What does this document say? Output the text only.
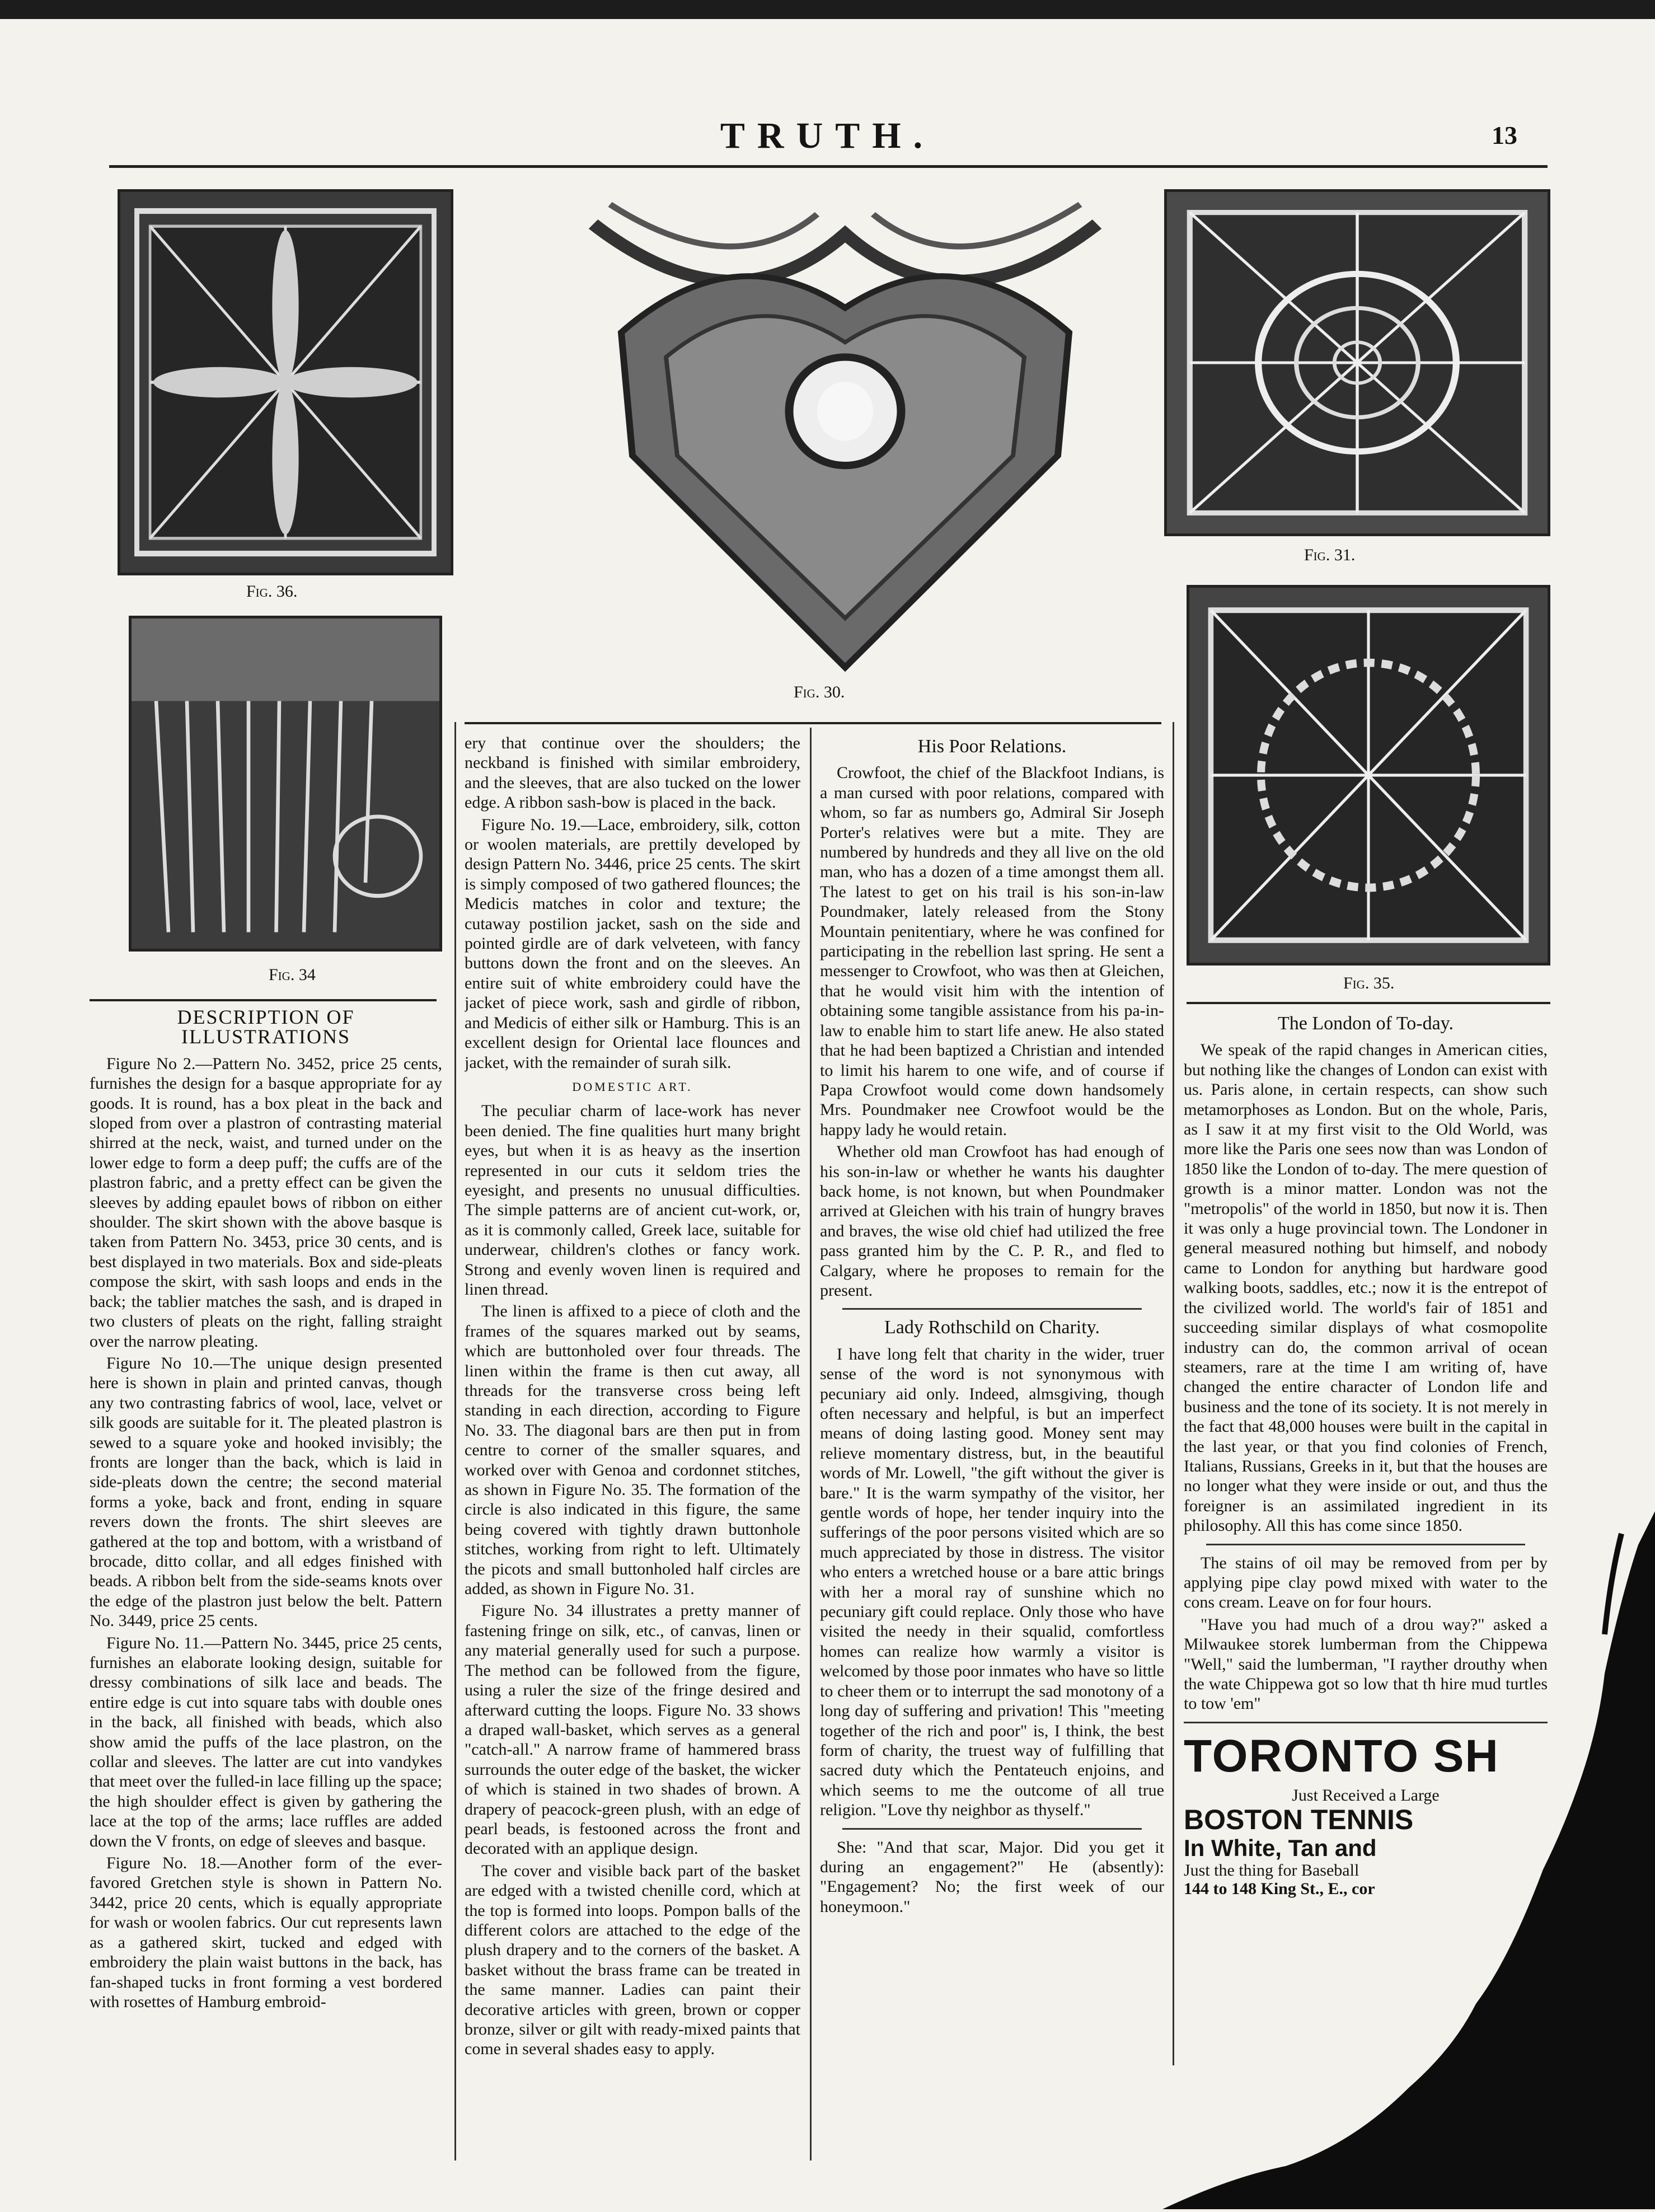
TRUTH.	13
Fig. 36.
Fig. 30.
Fig. 31.
Fig. 34	Fig. 35.
DESCRIPTION OF ILLUSTRATIONS

Figure No 2.—Pattern No. 3452, price 25 cents, furnishes the design for a basque appropriate for ay goods. It is round, has a box pleat in the back and sloped from over a plastron of contrasting material shirred at the neck, waist, and turned under on the lower edge to form a deep puff; the cuffs are of the plastron fabric, and a pretty effect can be given the sleeves by adding epaulet bows of ribbon on either shoulder. The skirt shown with the above basque is taken from Pattern No. 3453, price 30 cents, and is best displayed in two materials. Box and side-pleats compose the skirt, with sash loops and ends in the back; the tablier matches the sash, and is draped in two clusters of pleats on the right, falling straight over the narrow pleating.

Figure No 10.—The unique design presented here is shown in plain and printed canvas, though any two contrasting fabrics of wool, lace, velvet or silk goods are suitable for it. The pleated plastron is sewed to a square yoke and hooked invisibly; the fronts are longer than the back, which is laid in side-pleats down the centre; the second material forms a yoke, back and front, ending in square revers down the fronts. The shirt sleeves are gathered at the top and bottom, with a wristband of brocade, ditto collar, and all edges finished with beads. A ribbon belt from the side-seams knots over the edge of the plastron just below the belt. Pattern No. 3449, price 25 cents.

Figure No. 11.—Pattern No. 3445, price 25 cents, furnishes an elaborate looking design, suitable for dressy combinations of silk lace and beads. The entire edge is cut into square tabs with double ones in the back, all finished with beads, which also show amid the puffs of the lace plastron, on the collar and sleeves. The latter are cut into vandykes that meet over the fulled-in lace filling up the space; the high shoulder effect is given by gathering the lace at the top of the arms; lace ruffles are added down the V fronts, on edge of sleeves and basque.

Figure No. 18.—Another form of the ever-favored Gretchen style is shown in Pattern No. 3442, price 20 cents, which is equally appropriate for wash or woolen fabrics. Our cut represents lawn as a gathered skirt, tucked and edged with embroidery the plain waist buttons in the back, has fan-shaped tucks in front forming a vest bordered with rosettes of Hamburg embroid-

ery that continue over the shoulders; the neckband is finished with similar embroidery, and the sleeves, that are also tucked on the lower edge. A ribbon sash-bow is placed in the back.

Figure No. 19.—Lace, embroidery, silk, cotton or woolen materials, are prettily developed by design Pattern No. 3446, price 25 cents. The skirt is simply composed of two gathered flounces; the Medicis matches in color and texture; the cutaway postilion jacket, sash on the side and pointed girdle are of dark velveteen, with fancy buttons down the front and on the sleeves. An entire suit of white embroidery could have the jacket of piece work, sash and girdle of ribbon, and Medicis of either silk or Hamburg. This is an excellent design for Oriental lace flounces and jacket, with the remainder of surah silk.

DOMESTIC ART.

The peculiar charm of lace-work has never been denied. The fine qualities hurt many bright eyes, but when it is as heavy as the insertion represented in our cuts it seldom tries the eyesight, and presents no unusual difficulties. The simple patterns are of ancient cut-work, or, as it is commonly called, Greek lace, suitable for underwear, children's clothes or fancy work. Strong and evenly woven linen is required and linen thread.

The linen is affixed to a piece of cloth and the frames of the squares marked out by seams, which are buttonholed over four threads. The linen within the frame is then cut away, all threads for the transverse cross being left standing in each direction, according to Figure No. 33. The diagonal bars are then put in from centre to corner of the smaller squares, and worked over with Genoa and cordonnet stitches, as shown in Figure No. 35. The formation of the circle is also indicated in this figure, the same being covered with tightly drawn buttonhole stitches, working from right to left. Ultimately the picots and small buttonholed half circles are added, as shown in Figure No. 31.

Figure No. 34 illustrates a pretty manner of fastening fringe on silk, etc., of canvas, linen or any material generally used for such a purpose. The method can be followed from the figure, using a ruler the size of the fringe desired and afterward cutting the loops. Figure No. 33 shows a draped wall-basket, which serves as a general "catch-all." A narrow frame of hammered brass surrounds the outer edge of the basket, the wicker of which is stained in two shades of brown. A drapery of peacock-green plush, with an edge of pearl beads, is festooned across the front and decorated with an applique design.

The cover and visible back part of the basket are edged with a twisted chenille cord, which at the top is formed into loops. Pompon balls of the different colors are attached to the edge of the plush drapery and to the corners of the basket. A basket without the brass frame can be treated in the same manner. Ladies can paint their decorative articles with green, brown or copper bronze, silver or gilt with ready-mixed paints that come in several shades easy to apply.

His Poor Relations.

Crowfoot, the chief of the Blackfoot Indians, is a man cursed with poor relations, compared with whom, so far as numbers go, Admiral Sir Joseph Porter's relatives were but a mite. They are numbered by hundreds and they all live on the old man, who has a dozen of a time amongst them all. The latest to get on his trail is his son-in-law Poundmaker, lately released from the Stony Mountain penitentiary, where he was confined for participating in the rebellion last spring. He sent a messenger to Crowfoot, who was then at Gleichen, that he would visit him with the intention of obtaining some tangible assistance from his pa-in-law to enable him to start life anew. He also stated that he had been baptized a Christian and intended to limit his harem to one wife, and of course if Papa Crowfoot would come down handsomely Mrs. Poundmaker nee Crowfoot would be the happy lady he would retain.

Whether old man Crowfoot has had enough of his son-in-law or whether he wants his daughter back home, is not known, but when Poundmaker arrived at Gleichen with his train of hungry braves and braves, the wise old chief had utilized the free pass granted him by the C. P. R., and fled to Calgary, where he proposes to remain for the present.

Lady Rothschild on Charity.

I have long felt that charity in the wider, truer sense of the word is not synonymous with pecuniary aid only. Indeed, almsgiving, though often necessary and helpful, is but an imperfect means of doing lasting good. Money sent may relieve momentary distress, but, in the beautiful words of Mr. Lowell, "the gift without the giver is bare." It is the warm sympathy of the visitor, her gentle words of hope, her tender inquiry into the sufferings of the poor persons visited which are so much appreciated by those in distress. The visitor who enters a wretched house or a bare attic brings with her a moral ray of sunshine which no pecuniary gift could replace. Only those who have visited the needy in their squalid, comfortless homes can realize how warmly a visitor is welcomed by those poor inmates who have so little to cheer them or to interrupt the sad monotony of a long day of suffering and privation! This "meeting together of the rich and poor" is, I think, the best form of charity, the truest way of fulfilling that sacred duty which the Pentateuch enjoins, and which seems to me the outcome of all true religion. "Love thy neighbor as thyself."

She: "And that scar, Major. Did you get it during an engagement?" He (absently): "Engagement? No; the first week of our honeymoon."

The London of To-day.

We speak of the rapid changes in American cities, but nothing like the changes of London can exist with us. Paris alone, in certain respects, can show such metamorphoses as London. But on the whole, Paris, as I saw it at my first visit to the Old World, was more like the Paris one sees now than was London of 1850 like the London of to-day. The mere question of growth is a minor matter. London was not the "metropolis" of the world in 1850, but now it is. Then it was only a huge provincial town. The Londoner in general measured nothing but himself, and nobody came to London for anything but hardware good walking boots, saddles, etc.; now it is the entrepot of the civilized world. The world's fair of 1851 and succeeding similar displays of what cosmopolite industry can do, the common arrival of ocean steamers, rare at the time I am writing of, have changed the entire character of London life and business and the tone of its society. It is not merely in the fact that 48,000 houses were built in the capital in the last year, or that you find colonies of French, Italians, Russians, Greeks in it, but that the houses are no longer what they were inside or out, and thus the foreigner is an assimilated ingredient in its philosophy. All this has come since 1850.

The stains of oil may be removed from per by applying pipe clay powd mixed with water to the cons cream. Leave on for four hours.

"Have you had much of a drou way?" asked a Milwaukee storek lumberman from the Chippewa "Well," said the lumberman, "I rayther drouthy when the wate Chippewa got so low that th hire mud turtles to tow 'em"

TORONTO SH
Just Received a Large
BOSTON TENNIS
In White, Tan and
Just the thing for Baseball
144 to 148 King St., E., cor
